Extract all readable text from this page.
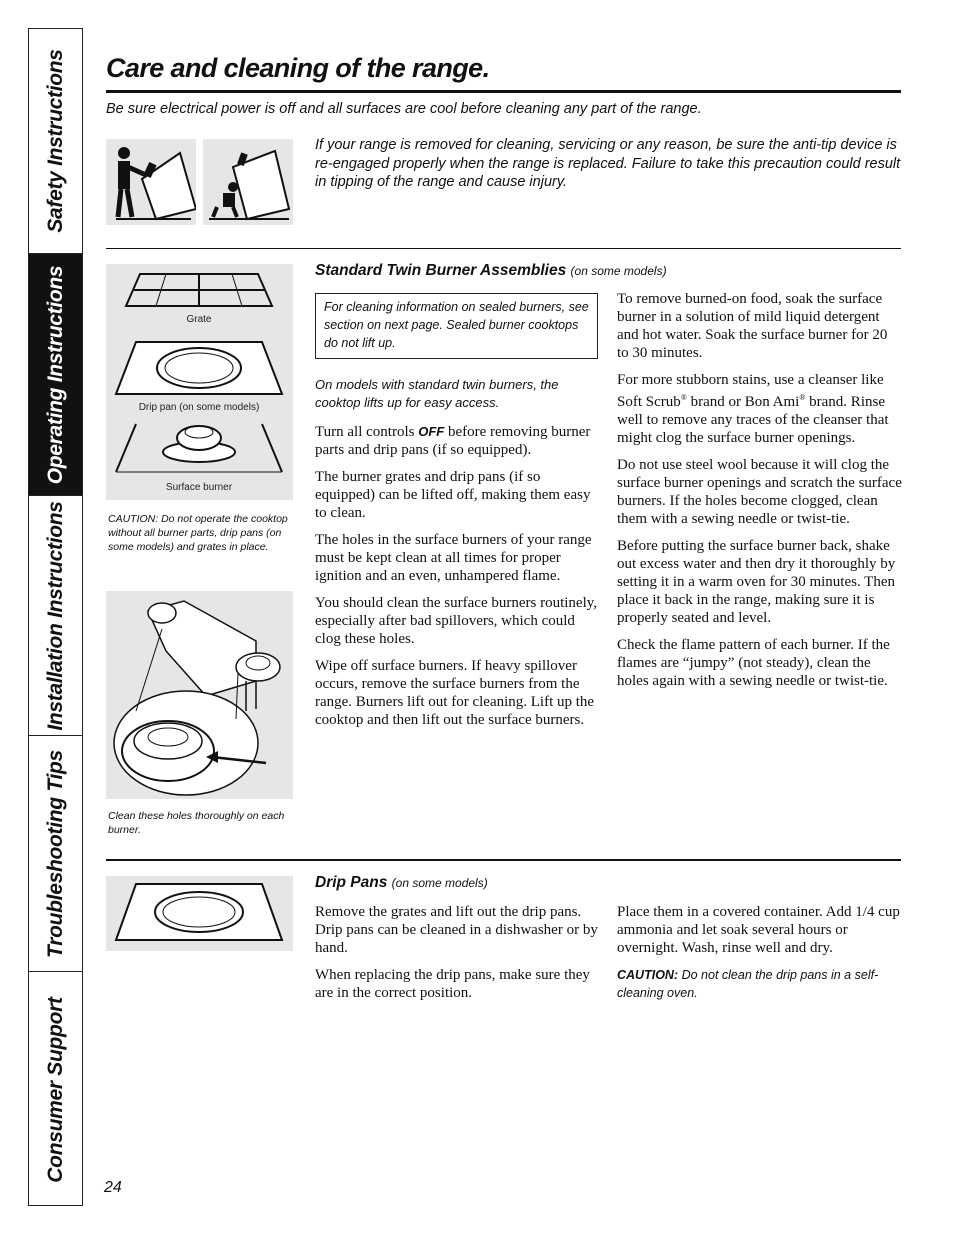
Safety Instructions
Operating Instructions
Installation Instructions
Troubleshooting Tips
Consumer Support
Care and cleaning of the range.
Be sure electrical power is off and all surfaces are cool before cleaning any part of the range.
If your range is removed for cleaning, servicing or any reason, be sure the anti-tip device is re-engaged properly when the range is replaced. Failure to take this precaution could result in tipping of the range and cause injury.
Grate
Drip pan (on some models)
Surface burner
CAUTION: Do not operate the cooktop without all burner parts, drip pans (on some models) and grates in place.
Clean these holes thoroughly on each burner.
Standard Twin Burner Assemblies (on some models)
For cleaning information on sealed burners, see section on next page. Sealed burner cooktops do not lift up.
On models with standard twin burners, the cooktop lifts up for easy access.

Turn all controls OFF before removing burner parts and drip pans (if so equipped).

The burner grates and drip pans (if so equipped) can be lifted off, making them easy to clean.

The holes in the surface burners of your range must be kept clean at all times for proper ignition and an even, unhampered flame.

You should clean the surface burners routinely, especially after bad spillovers, which could clog these holes.

Wipe off surface burners. If heavy spillover occurs, remove the surface burners from the range. Burners lift out for cleaning. Lift up the cooktop and then lift out the surface burners.

To remove burned-on food, soak the surface burner in a solution of mild liquid detergent and hot water. Soak the surface burner for 20 to 30 minutes.

For more stubborn stains, use a cleanser like Soft Scrub® brand or Bon Ami® brand. Rinse well to remove any traces of the cleanser that might clog the surface burner openings.

Do not use steel wool because it will clog the surface burner openings and scratch the surface burners. If the holes become clogged, clean them with a sewing needle or twist-tie.

Before putting the surface burner back, shake out excess water and then dry it thoroughly by setting it in a warm oven for 30 minutes. Then place it back in the range, making sure it is properly seated and level.

Check the flame pattern of each burner. If the flames are “jumpy” (not steady), clean the holes again with a sewing needle or twist-tie.

Drip Pans (on some models)

Remove the grates and lift out the drip pans. Drip pans can be cleaned in a dishwasher or by hand.

When replacing the drip pans, make sure they are in the correct position.

Place them in a covered container. Add 1/4 cup ammonia and let soak several hours or overnight. Wash, rinse well and dry.

CAUTION: Do not clean the drip pans in a self-cleaning oven.
24
